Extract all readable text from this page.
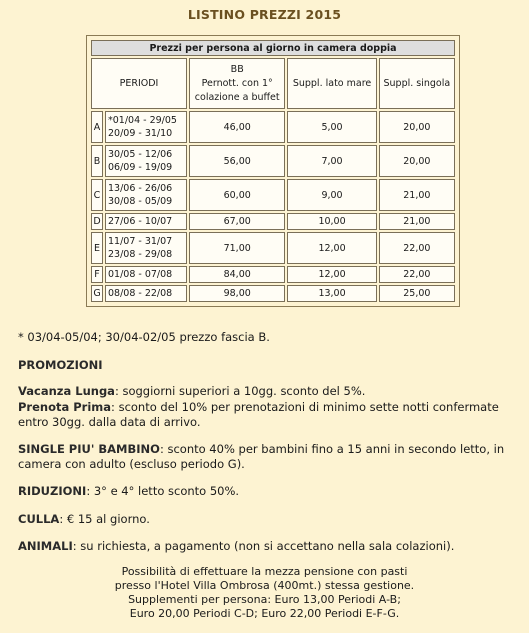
LISTINO PREZZI 2015
Prezzi per persona al giorno in camera doppia				
PERIODI		BB
Pernott. con 1°
colazione a buffet	Suppl. lato mare	Suppl. singola
A	*01/04 - 29/05
20/09 - 31/10	46,00	5,00	20,00
B	30/05 - 12/06
06/09 - 19/09	56,00	7,00	20,00
C	13/06 - 26/06
30/08 - 05/09	60,00	9,00	21,00
D	27/06 - 10/07	67,00	10,00	21,00
E	11/07 - 31/07
23/08 - 29/08	71,00	12,00	22,00
F	01/08 - 07/08	84,00	12,00	22,00
G	08/08 - 22/08	98,00	13,00	25,00
* 03/04-05/04; 30/04-02/05 prezzo fascia B.
PROMOZIONI
Vacanza Lunga: soggiorni superiori a 10gg. sconto del 5%.
Prenota Prima: sconto del 10% per prenotazioni di minimo sette notti confermate entro 30gg. dalla data di arrivo.
SINGLE PIU' BAMBINO: sconto 40% per bambini fino a 15 anni in secondo letto, in camera con adulto (escluso periodo G).
RIDUZIONI: 3° e 4° letto sconto 50%.
CULLA: € 15 al giorno.
ANIMALI: su richiesta, a pagamento (non si accettano nella sala colazioni).
Possibilità di effettuare la mezza pensione con pasti
presso l'Hotel Villa Ombrosa (400mt.) stessa gestione.
Supplementi per persona: Euro 13,00 Periodi A-B;
Euro 20,00 Periodi C-D; Euro 22,00 Periodi E-F-G.
